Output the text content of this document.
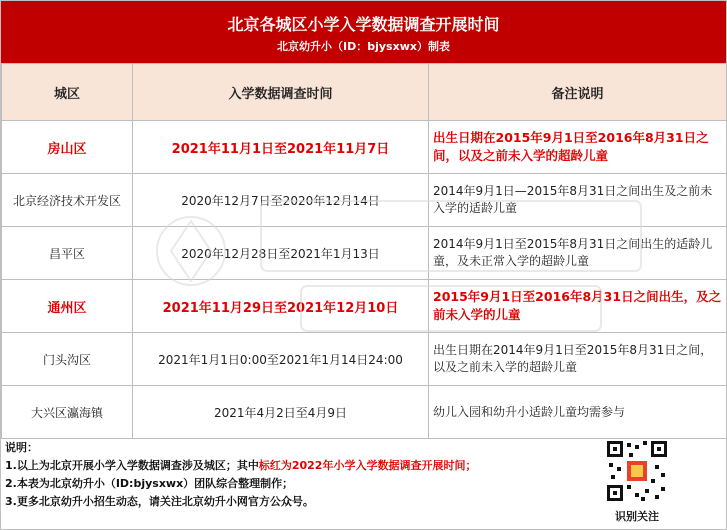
北京各城区小学入学数据调查开展时间
北京幼升小（ID：bjysxwx）制表
城区	入学数据调查时间	备注说明
房山区	2021年11月1日至2021年11月7日	出生日期在2015年9月1日至2016年8月31日之间，以及之前未入学的超龄儿童
北京经济技术开发区	2020年12月7日至2020年12月14日	2014年9月1日—2015年8月31日之间出生及之前未入学的适龄儿童
昌平区	2020年12月28日至2021年1月13日	2014年9月1日至2015年8月31日之间出生的适龄儿童，及未正常入学的超龄儿童
通州区	2021年11月29日至2021年12月10日	2015年9月1日至2016年8月31日之间出生，及之前未入学的儿童
门头沟区	2021年1月1日0:00至2021年1月14日24:00	出生日期在2014年9月1日至2015年8月31日之间，以及之前未入学的超龄儿童
大兴区瀛海镇	2021年4月2日至4月9日	幼儿入园和幼升小适龄儿童均需参与
说明：
1.以上为北京开展小学入学数据调查涉及城区；其中标红为2022年小学入学数据调查开展时间；
2.本表为北京幼升小（ID:bjysxwx）团队综合整理制作；
3.更多北京幼升小招生动态，请关注北京幼升小网官方公众号。
识别关注
